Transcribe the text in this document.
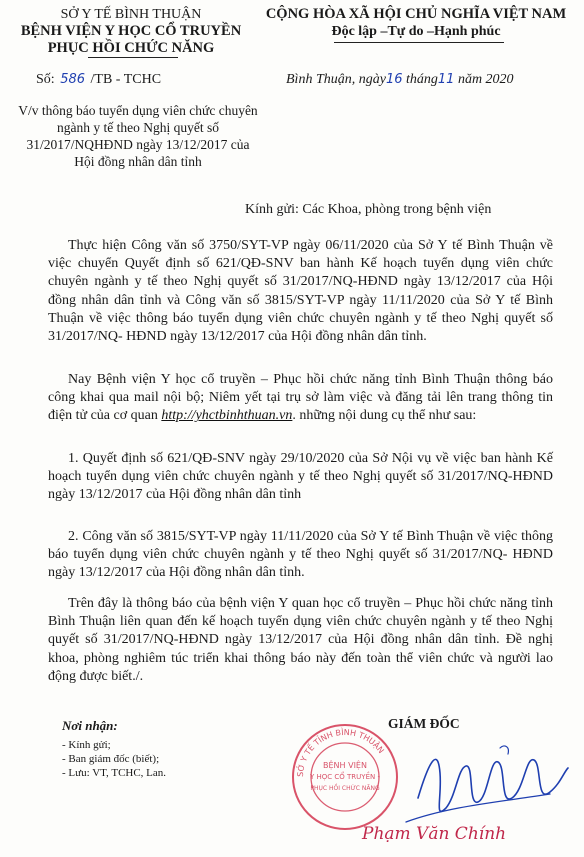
SỞ Y TẾ BÌNH THUẬN
BỆNH VIỆN Y HỌC CỔ TRUYỀN
PHỤC HỒI CHỨC NĂNG
CỘNG HÒA XÃ HỘI CHỦ NGHĨA VIỆT NAM
Độc lập –Tự do –Hạnh phúc
Số: 586 /TB - TCHC	Bình Thuận, ngày16 tháng11 năm 2020
V/v thông báo tuyển dụng viên chức chuyên ngành y tế theo Nghị quyết số 31/2017/NQHĐND ngày 13/12/2017 của Hội đồng nhân dân tỉnh
Kính gửi: Các Khoa, phòng trong bệnh viện
Thực hiện Công văn số 3750/SYT-VP ngày 06/11/2020 của Sở Y tế Bình Thuận về việc chuyển Quyết định số 621/QĐ-SNV ban hành Kế hoạch tuyển dụng viên chức chuyên ngành y tế theo Nghị quyết số 31/2017/NQ-HĐND ngày 13/12/2017 của Hội đồng nhân dân tỉnh và Công văn số 3815/SYT-VP ngày 11/11/2020 của Sở Y tế Bình Thuận về việc thông báo tuyển dụng viên chức chuyên ngành y tế theo Nghị quyết số 31/2017/NQ- HĐND ngày 13/12/2017 của Hội đồng nhân dân tỉnh.
Nay Bệnh viện Y học cổ truyền – Phục hồi chức năng tỉnh Bình Thuận thông báo công khai qua mail nội bộ; Niêm yết tại trụ sở làm việc và đăng tải lên trang thông tin điện tử của cơ quan http://yhctbinhthuan.vn. những nội dung cụ thể như sau:
1. Quyết định số 621/QĐ-SNV ngày 29/10/2020 của Sở Nội vụ về việc ban hành Kế hoạch tuyển dụng viên chức chuyên ngành y tế theo Nghị quyết số 31/2017/NQ-HĐND ngày 13/12/2017 của Hội đồng nhân dân tỉnh
2. Công văn số 3815/SYT-VP ngày 11/11/2020 của Sở Y tế Bình Thuận về việc thông báo tuyển dụng viên chức chuyên ngành y tế theo Nghị quyết số 31/2017/NQ- HĐND ngày 13/12/2017 của Hội đồng nhân dân tỉnh.
Trên đây là thông báo của bệnh viện Y quan học cổ truyền – Phục hồi chức năng tỉnh Bình Thuận liên quan đến kế hoạch tuyển dụng viên chức chuyên ngành y tế theo Nghị quyết số 31/2017/NQ-HĐND ngày 13/12/2017 của Hội đồng nhân dân tỉnh. Đề nghị khoa, phòng nghiêm túc triển khai thông báo này đến toàn thể viên chức và người lao động được biết./.
Nơi nhận:
- Kính gửi;
- Ban giám đốc (biết);
- Lưu: VT, TCHC, Lan.	SỞ Y TẾ TỈNH BÌNH THUẬN
BỆNH VIỆN
Y HỌC CỔ TRUYỀN -
PHỤC HỒI CHỨC NĂNG
GIÁM ĐỐC
Phạm Văn Chính
